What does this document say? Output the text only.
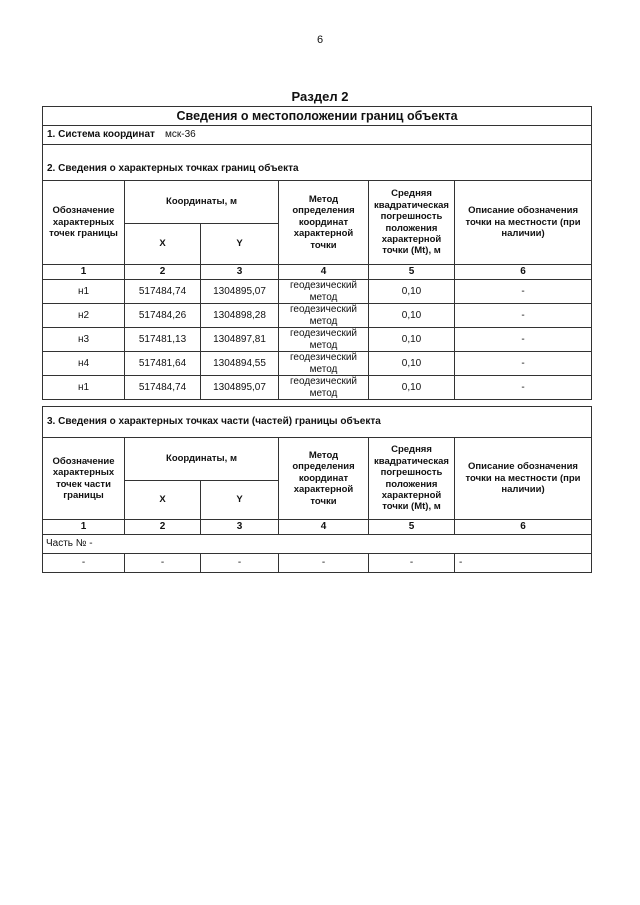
6
Раздел 2
Сведения о местоположении границ объекта					
1. Система координат мск-36					
2. Сведения о характерных точках границ объекта					
Обозначение характерных точек границы	Координаты, м		Метод определения координат характерной точки	Средняя квадратическая погрешность положения характерной точки (Mt), м	Описание обозначения точки на местности (при наличии)
	X	Y			
1	2	3	4	5	6
н1	517484,74	1304895,07	геодезический метод	0,10	-
н2	517484,26	1304898,28	геодезический метод	0,10	-
н3	517481,13	1304897,81	геодезический метод	0,10	-
н4	517481,64	1304894,55	геодезический метод	0,10	-
н1	517484,74	1304895,07	геодезический метод	0,10	-
3. Сведения о характерных точках части (частей) границы объекта					
Обозначение характерных точек части границы	Координаты, м		Метод определения координат характерной точки	Средняя квадратическая погрешность положения характерной точки (Mt), м	Описание обозначения точки на местности (при наличии)
	X	Y			
1	2	3	4	5	6
Часть № -					
-	-	-	-	-	-
